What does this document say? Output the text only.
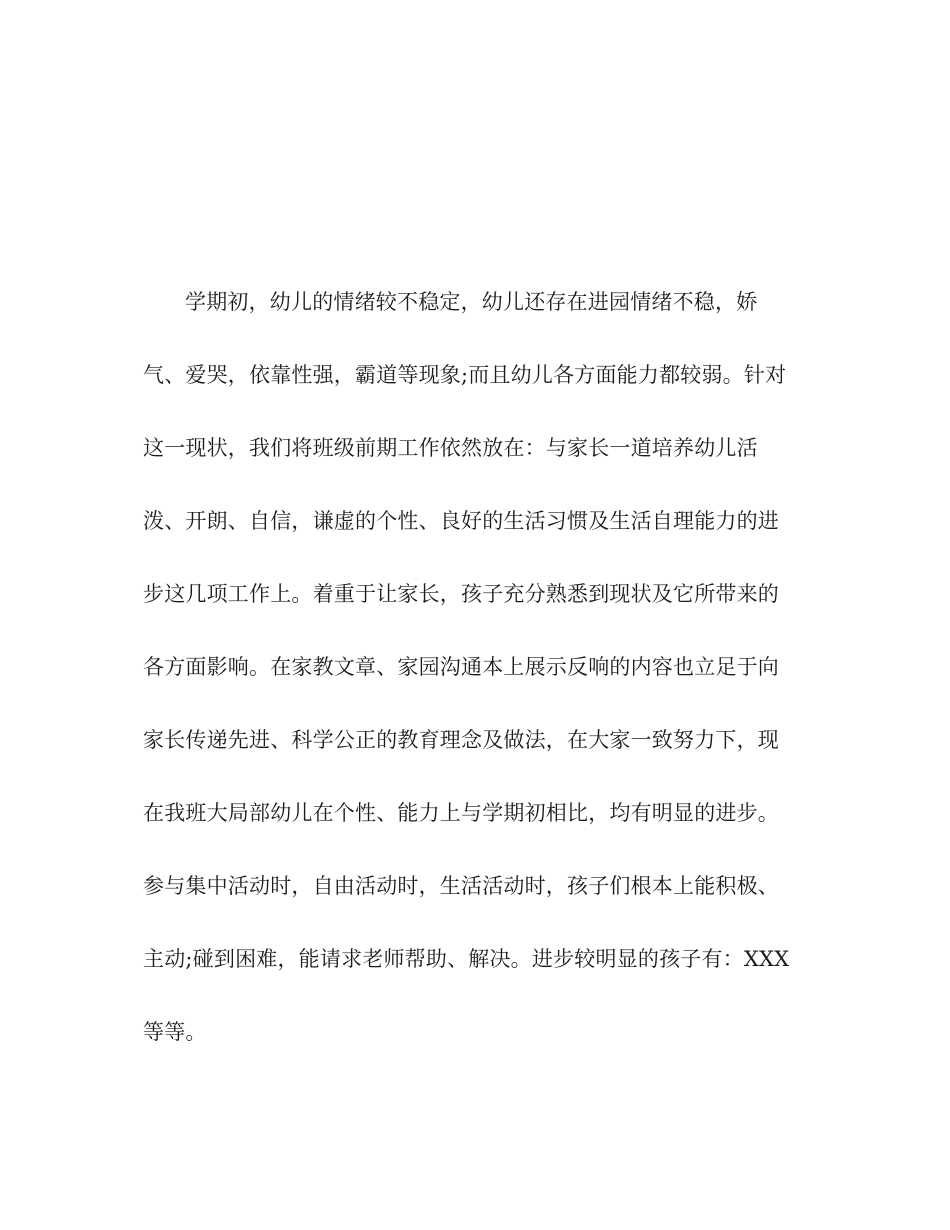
学期初，幼儿的情绪较不稳定，幼儿还存在进园情绪不稳，娇
气、爱哭，依靠性强，霸道等现象;而且幼儿各方面能力都较弱。针对
这一现状，我们将班级前期工作依然放在：与家长一道培养幼儿活
泼、开朗、自信，谦虚的个性、良好的生活习惯及生活自理能力的进
步这几项工作上。着重于让家长，孩子充分熟悉到现状及它所带来的
各方面影响。在家教文章、家园沟通本上展示反响的内容也立足于向
家长传递先进、科学公正的教育理念及做法，在大家一致努力下，现
在我班大局部幼儿在个性、能力上与学期初相比，均有明显的进步。
参与集中活动时，自由活动时，生活活动时，孩子们根本上能积极、
主动;碰到困难，能请求老师帮助、解决。进步较明显的孩子有：XXX
等等。
